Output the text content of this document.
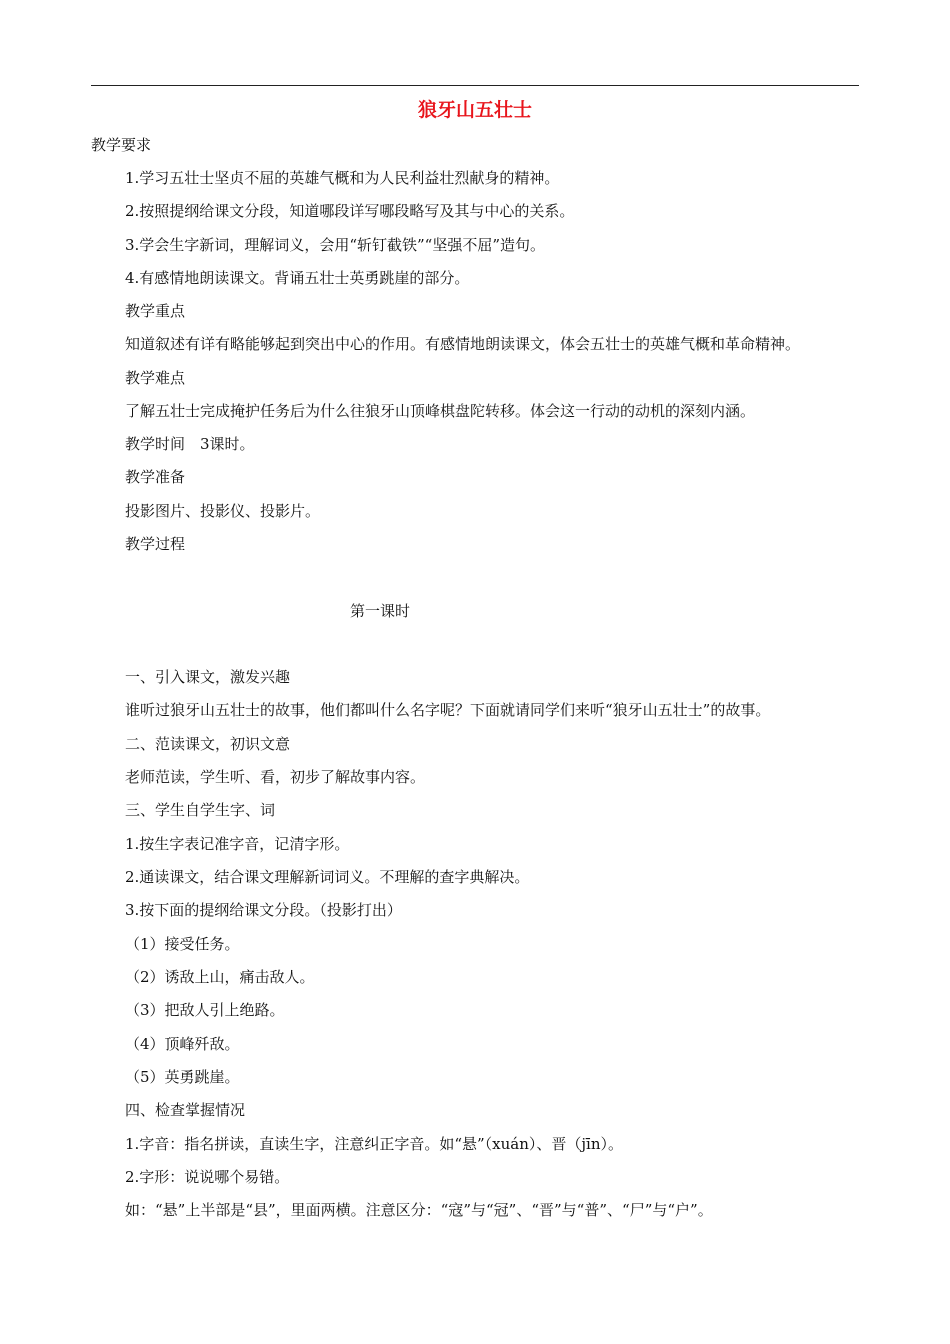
狼牙山五壮士
教学要求
1.学习五壮士坚贞不屈的英雄气概和为人民利益壮烈献身的精神。
2.按照提纲给课文分段，知道哪段详写哪段略写及其与中心的关系。
3.学会生字新词，理解词义，会用“斩钉截铁”“坚强不屈”造句。
4.有感情地朗读课文。背诵五壮士英勇跳崖的部分。
教学重点
知道叙述有详有略能够起到突出中心的作用。有感情地朗读课文，体会五壮士的英雄气概和革命精神。
教学难点
了解五壮士完成掩护任务后为什么往狼牙山顶峰棋盘陀转移。体会这一行动的动机的深刻内涵。
教学时间　3课时。
教学准备
投影图片、投影仪、投影片。
教学过程
第一课时
一、引入课文，激发兴趣
谁听过狼牙山五壮士的故事，他们都叫什么名字呢？下面就请同学们来听“狼牙山五壮士”的故事。
二、范读课文，初识文意
老师范读，学生听、看，初步了解故事内容。
三、学生自学生字、词
1.按生字表记准字音，记清字形。
2.通读课文，结合课文理解新词词义。不理解的查字典解决。
3.按下面的提纲给课文分段。（投影打出）
（1）接受任务。
（2）诱敌上山，痛击敌人。
（3）把敌人引上绝路。
（4）顶峰歼敌。
（5）英勇跳崖。
四、检查掌握情况
1.字音：指名拼读，直读生字，注意纠正字音。如“悬”（xuán）、晋（jīn）。
2.字形：说说哪个易错。
如：“悬”上半部是“县”，里面两横。注意区分：“寇”与“冠”、“晋”与“普”、“尸”与“户”。
